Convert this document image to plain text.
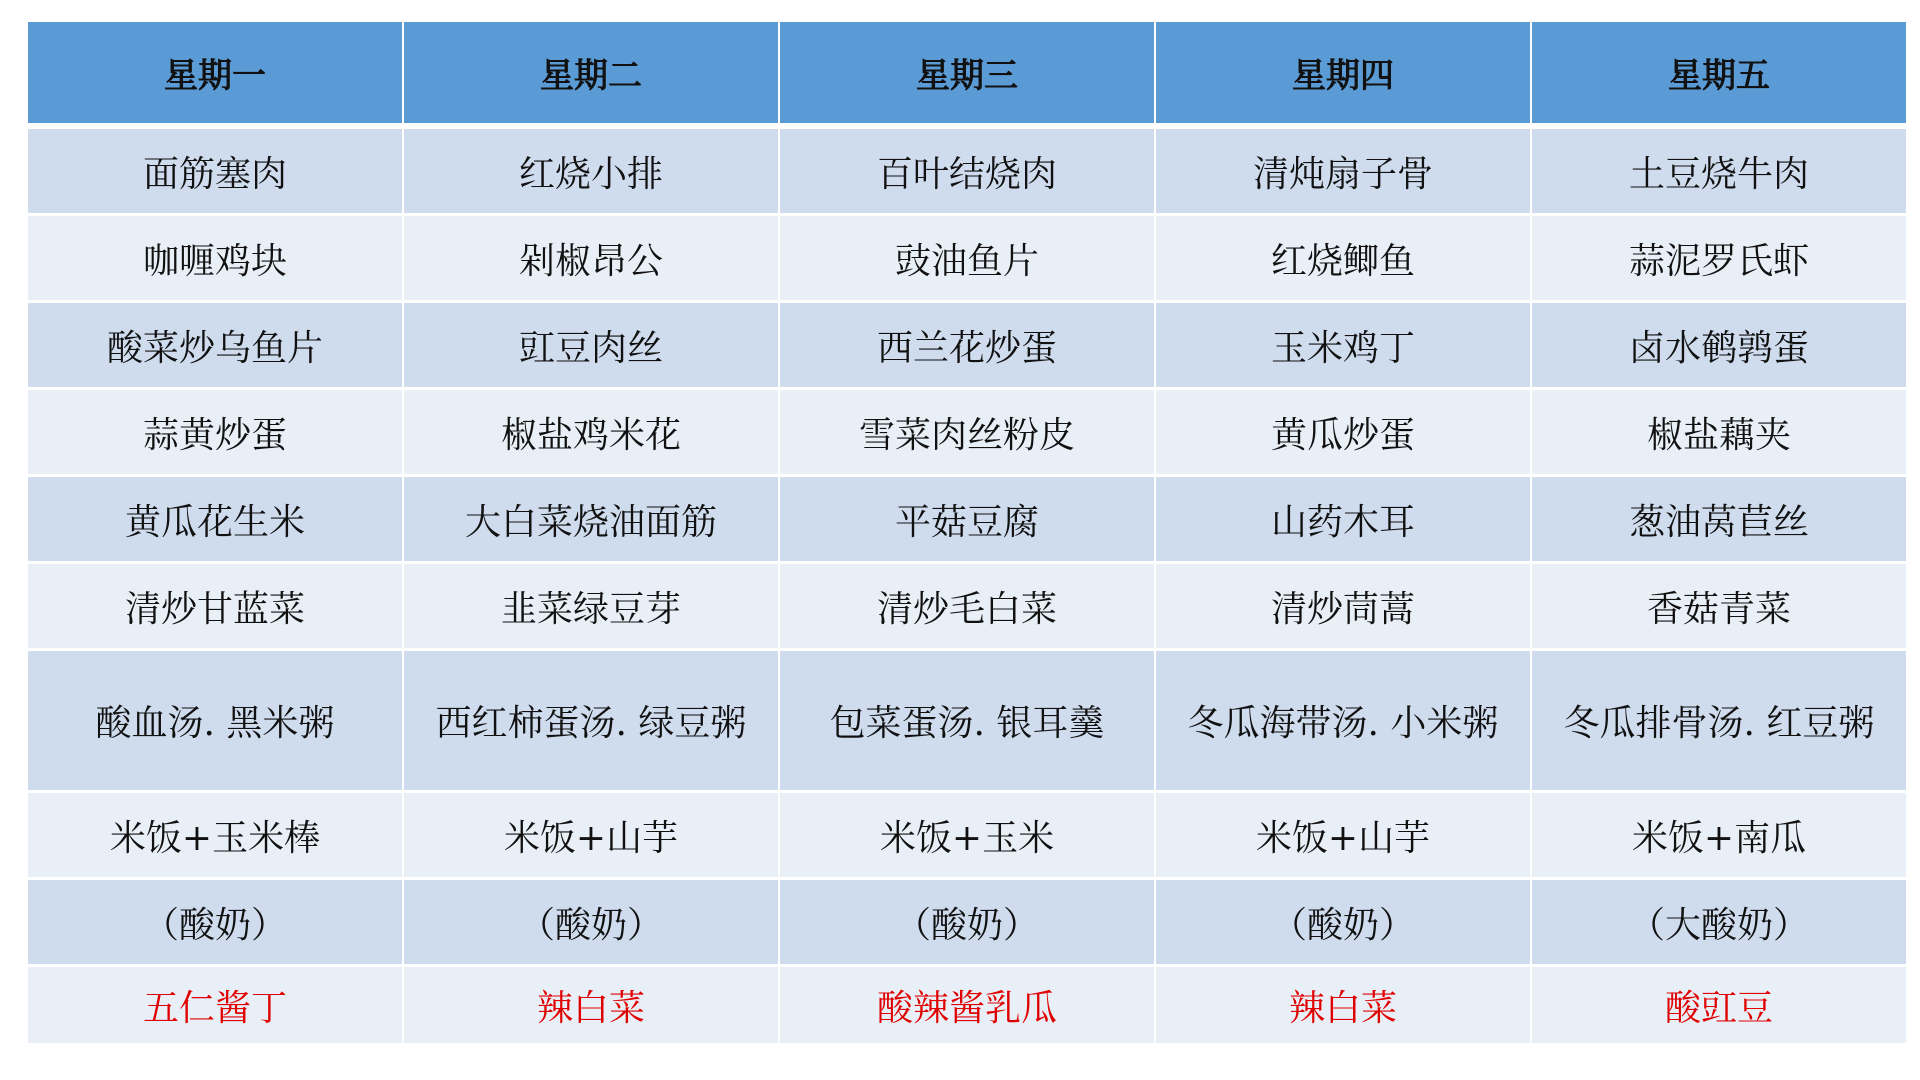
星期一	星期二	星期三	星期四	星期五
面筋塞肉	红烧小排	百叶结烧肉	清炖扇子骨	土豆烧牛肉
咖喱鸡块	剁椒昂公	豉油鱼片	红烧鲫鱼	蒜泥罗氏虾
酸菜炒乌鱼片	豇豆肉丝	西兰花炒蛋	玉米鸡丁	卤水鹌鹑蛋
蒜黄炒蛋	椒盐鸡米花	雪菜肉丝粉皮	黄瓜炒蛋	椒盐藕夹
黄瓜花生米	大白菜烧油面筋	平菇豆腐	山药木耳	葱油莴苣丝
清炒甘蓝菜	韭菜绿豆芽	清炒毛白菜	清炒茼蒿	香菇青菜
酸血汤. 黑米粥	西红柿蛋汤. 绿豆粥	包菜蛋汤. 银耳羹	冬瓜海带汤. 小米粥	冬瓜排骨汤. 红豆粥
米饭+玉米棒	米饭+山芋	米饭+玉米	米饭+山芋	米饭+南瓜
（酸奶）	（酸奶）	（酸奶）	（酸奶）	（大酸奶）
五仁酱丁	辣白菜	酸辣酱乳瓜	辣白菜	酸豇豆
